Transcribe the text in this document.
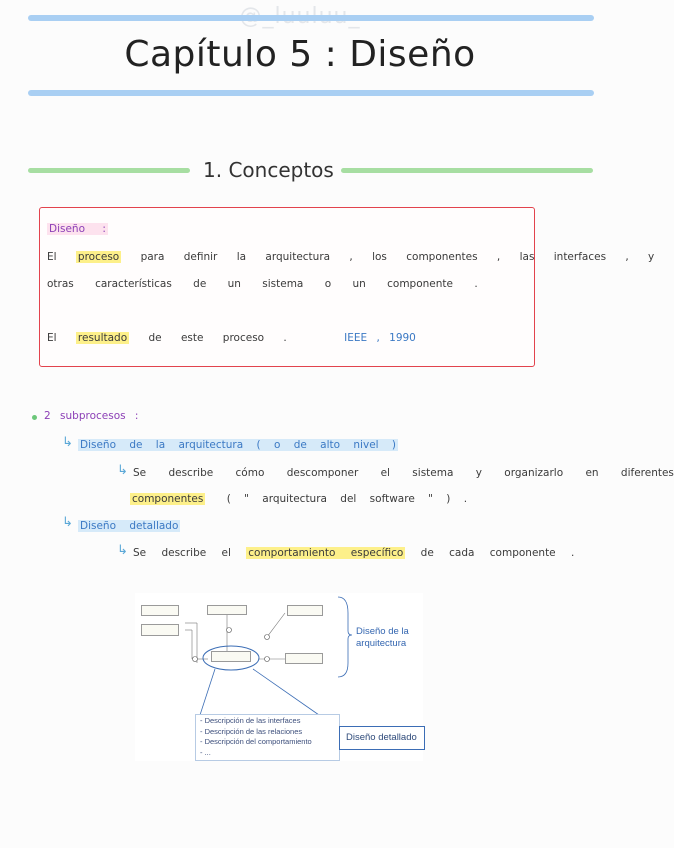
Capítulo 5 : Diseño
1. Conceptos
Diseño :
El proceso para definir la arquitectura , los componentes , las interfaces , y
otras características de un sistema o un componente .
El resultado de este proceso .	IEEE , 1990
2 subprocesos :
↳ Diseño de la arquitectura ( o de alto nivel )
↳ Se describe cómo descomponer el sistema y organizarlo en diferentes
componentes ( " arquitectura del software " ) .
↳ Diseño detallado
↳ Se describe el comportamiento específico de cada componente .
Diseño de la
arquitectura
- Descripción de las interfaces
- Descripción de las relaciones
- Descripción del comportamiento
- ...
Diseño detallado
